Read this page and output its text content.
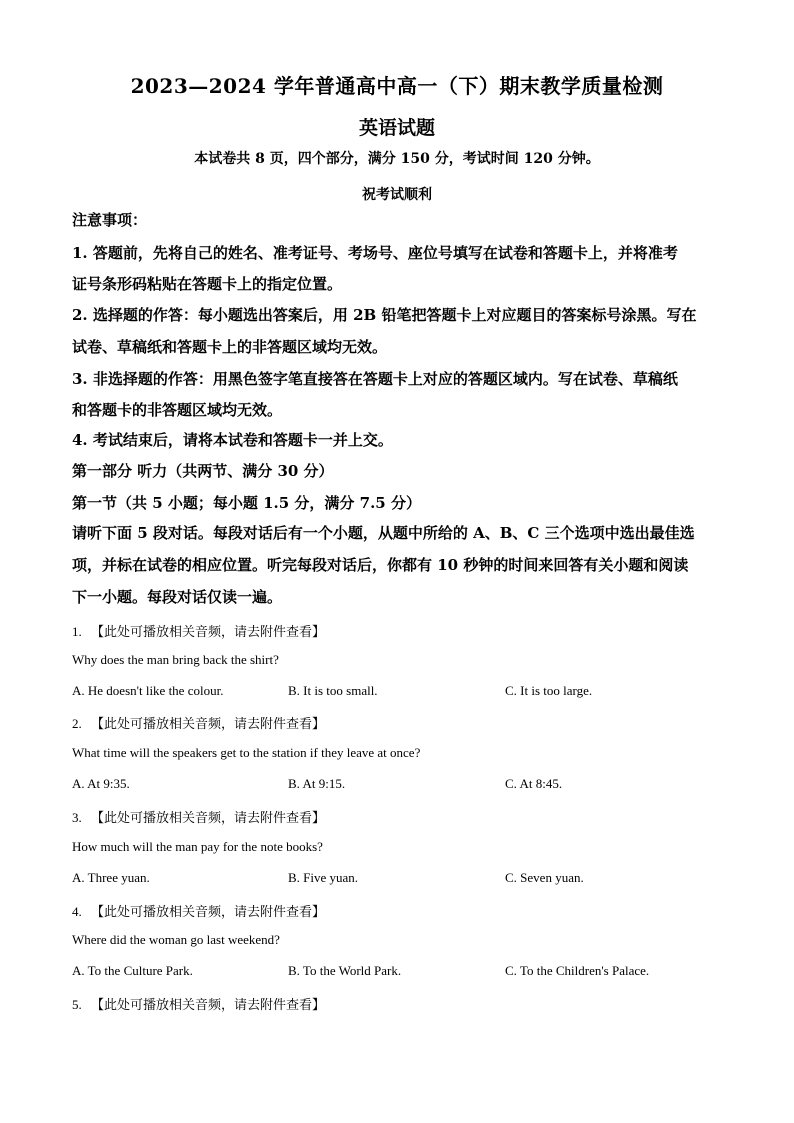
2023—2024 学年普通高中高一（下）期末教学质量检测
英语试题
本试卷共 8 页，四个部分，满分 150 分，考试时间 120 分钟。
祝考试顺利
注意事项：
1. 答题前，先将自己的姓名、准考证号、考场号、座位号填写在试卷和答题卡上，并将准考
证号条形码粘贴在答题卡上的指定位置。
2. 选择题的作答：每小题选出答案后，用 2B 铅笔把答题卡上对应题目的答案标号涂黑。写在
试卷、草稿纸和答题卡上的非答题区域均无效。
3. 非选择题的作答：用黑色签字笔直接答在答题卡上对应的答题区域内。写在试卷、草稿纸
和答题卡的非答题区域均无效。
4. 考试结束后，请将本试卷和答题卡一并上交。
第一部分 听力（共两节、满分 30 分）
第一节（共 5 小题；每小题 1.5 分，满分 7.5 分）
请听下面 5 段对话。每段对话后有一个小题，从题中所给的 A、B、C 三个选项中选出最佳选
项，并标在试卷的相应位置。听完每段对话后，你都有 10 秒钟的时间来回答有关小题和阅读
下一小题。每段对话仅读一遍。
1. 【此处可播放相关音频，请去附件查看】
Why does the man bring back the shirt?
A. He doesn't like the colour.	B. It is too small.	C. It is too large.
2. 【此处可播放相关音频，请去附件查看】
What time will the speakers get to the station if they leave at once?
A. At 9:35.	B. At 9:15.	C. At 8:45.
3. 【此处可播放相关音频，请去附件查看】
How much will the man pay for the note books?
A. Three yuan.	B. Five yuan.	C. Seven yuan.
4. 【此处可播放相关音频，请去附件查看】
Where did the woman go last weekend?
A. To the Culture Park.	B. To the World Park.	C. To the Children's Palace.
5. 【此处可播放相关音频，请去附件查看】
